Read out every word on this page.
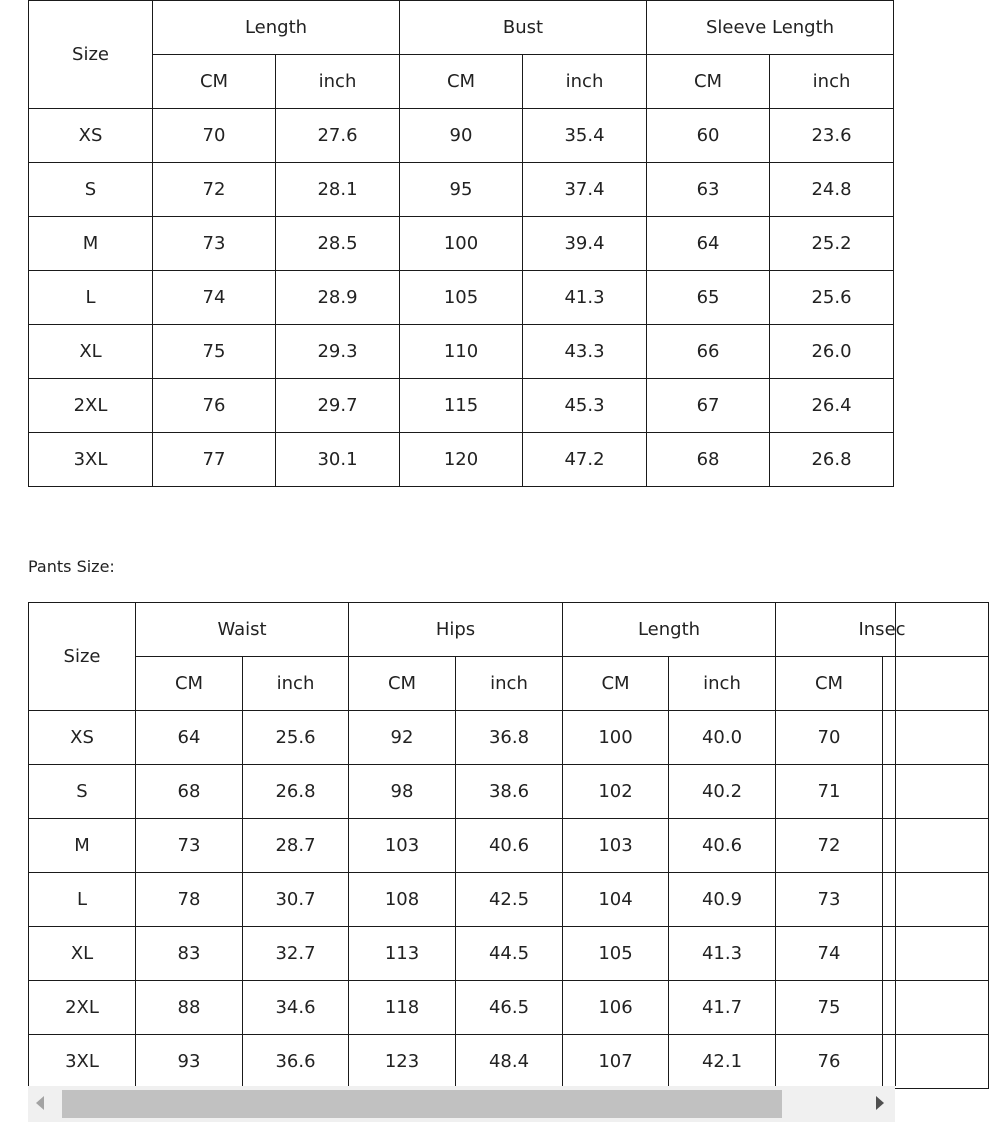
Size	Length		Bust		Sleeve Length	
	CM	inch	CM	inch	CM	inch
XS	70	27.6	90	35.4	60	23.6
S	72	28.1	95	37.4	63	24.8
M	73	28.5	100	39.4	64	25.2
L	74	28.9	105	41.3	65	25.6
XL	75	29.3	110	43.3	66	26.0
2XL	76	29.7	115	45.3	67	26.4
3XL	77	30.1	120	47.2	68	26.8
Pants Size:
Size	Waist		Hips		Length		Insec	
	CM	inch	CM	inch	CM	inch	CM	
XS	64	25.6	92	36.8	100	40.0	70	
S	68	26.8	98	38.6	102	40.2	71	
M	73	28.7	103	40.6	103	40.6	72	
L	78	30.7	108	42.5	104	40.9	73	
XL	83	32.7	113	44.5	105	41.3	74	
2XL	88	34.6	118	46.5	106	41.7	75	
3XL	93	36.6	123	48.4	107	42.1	76	
